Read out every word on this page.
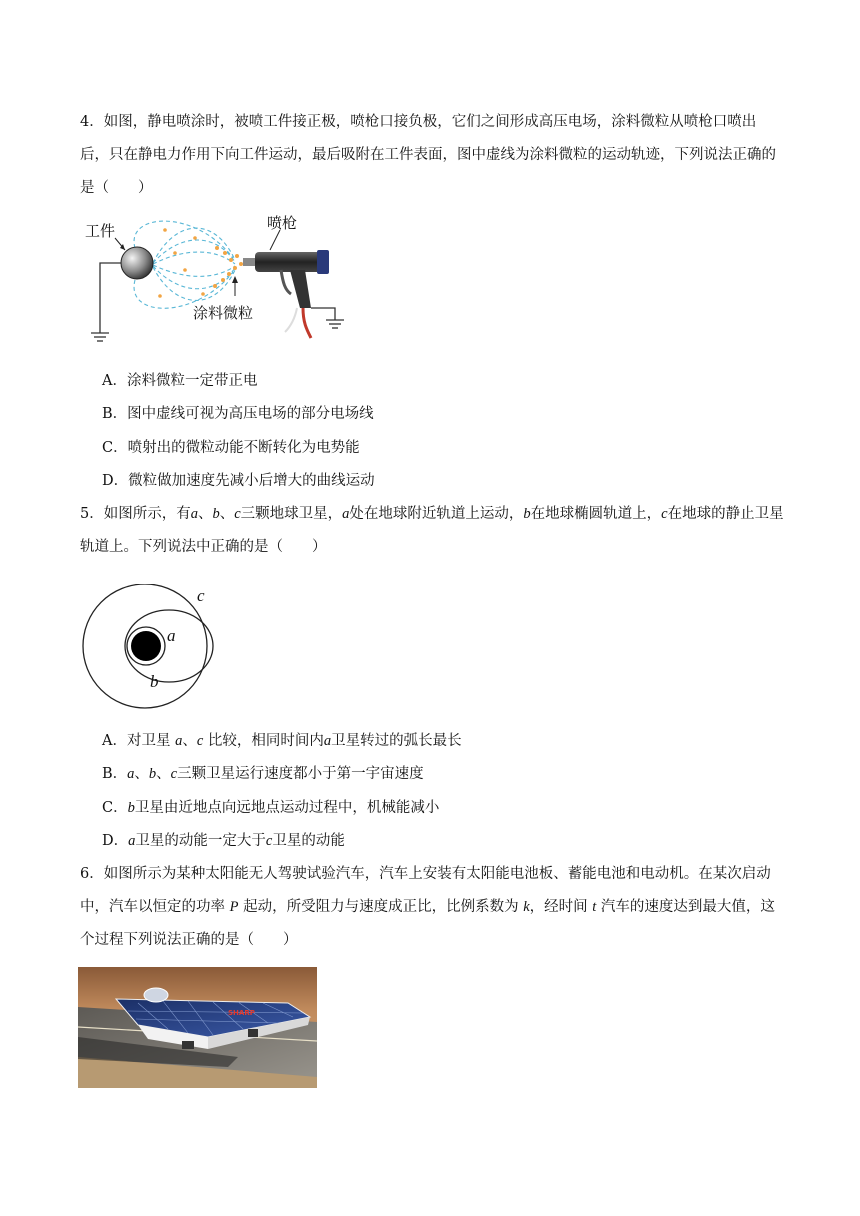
4．如图，静电喷涂时，被喷工件接正极，喷枪口接负极，它们之间形成高压电场，涂料微粒从喷枪口喷出后，只在静电力作用下向工件运动，最后吸附在工件表面，图中虚线为涂料微粒的运动轨迹，下列说法正确的是（　　）

工件	喷枪
涂料微粒

A．涂料微粒一定带正电

B．图中虚线可视为高压电场的部分电场线

C．喷射出的微粒动能不断转化为电势能

D．微粒做加速度先减小后增大的曲线运动

5．如图所示，有a、b、c三颗地球卫星，a处在地球附近轨道上运动，b在地球椭圆轨道上，c在地球的静止卫星轨道上。下列说法中正确的是（　　）

c
a
b

A．对卫星 a、c 比较，相同时间内a卫星转过的弧长最长

B．a、b、c三颗卫星运行速度都小于第一宇宙速度

C．b卫星由近地点向远地点运动过程中，机械能减小

D．a卫星的动能一定大于c卫星的动能

6．如图所示为某种太阳能无人驾驶试验汽车，汽车上安装有太阳能电池板、蓄能电池和电动机。在某次启动中，汽车以恒定的功率 P 起动，所受阻力与速度成正比，比例系数为 k，经时间 t 汽车的速度达到最大值，这个过程下列说法正确的是（　　）

SHARP
